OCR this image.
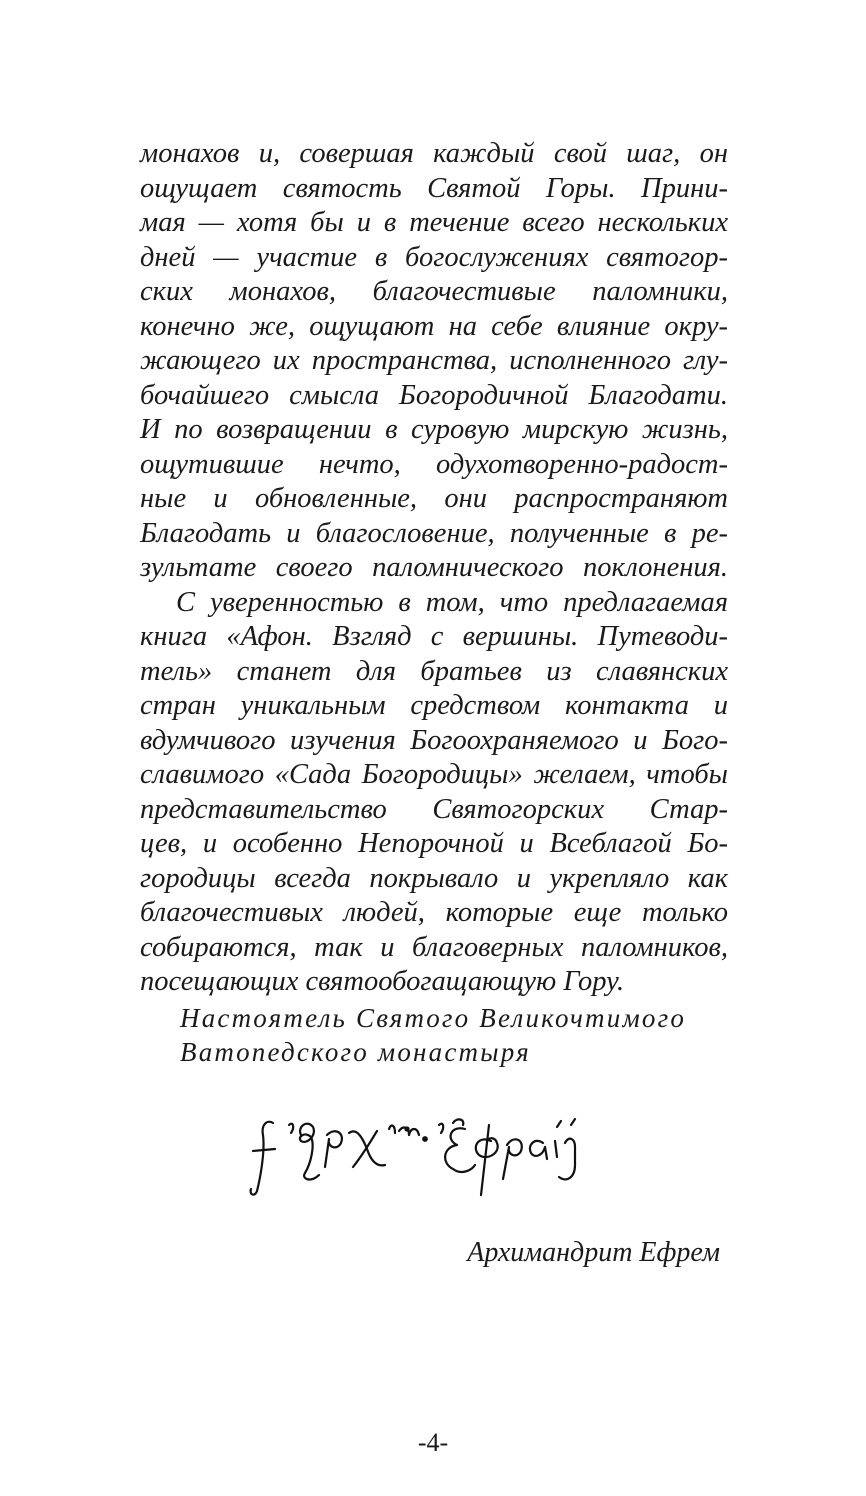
монахов и, совершая каждый свой шаг, он
ощущает святость Святой Горы. Прини-
мая — хотя бы и в течение всего нескольких
дней — участие в богослужениях святогор-
ских монахов, благочестивые паломники,
конечно же, ощущают на себе влияние окру-
жающего их пространства, исполненного глу-
бочайшего смысла Богородичной Благодати.
И по возвращении в суровую мирскую жизнь,
ощутившие нечто, одухотворенно-радост-
ные и обновленные, они распространяют
Благодать и благословение, полученные в ре-
зультате своего паломнического поклонения.
С уверенностью в том, что предлагаемая
книга «Афон. Взгляд с вершины. Путеводи-
тель» станет для братьев из славянских
стран уникальным средством контакта и
вдумчивого изучения Богоохраняемого и Бого-
славимого «Сада Богородицы» желаем, чтобы
представительство Святогорских Стар-
цев, и особенно Непорочной и Всеблагой Бо-
городицы всегда покрывало и укрепляло как
благочестивых людей, которые еще только
собираются, так и благоверных паломников,
посещающих святообогащающую Гору.
Настоятель Святого Великочтимого
Ватопедского монастыря
Архимандрит Ефрем
-4-
